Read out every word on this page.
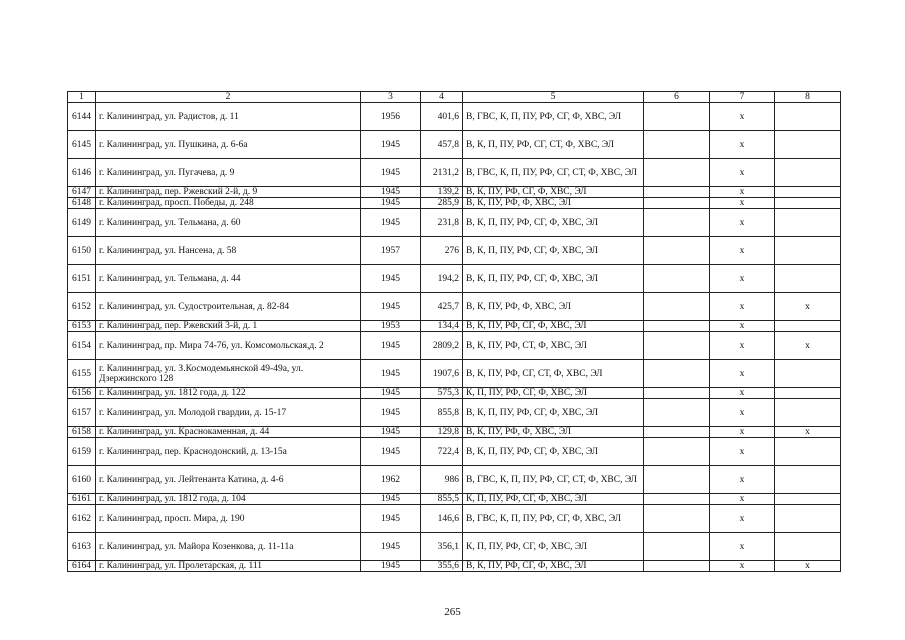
1	2	3	4	5	6	7	8
6144	г. Калининград, ул. Радистов, д. 11	1956	401,6	В, ГВС, К, П, ПУ, РФ, СГ, Ф, ХВС, ЭЛ		х	
6145	г. Калининград, ул. Пушкина, д. 6-6а	1945	457,8	В, К, П, ПУ, РФ, СГ, СТ, Ф, ХВС, ЭЛ		х	
6146	г. Калининград, ул. Пугачева, д. 9	1945	2131,2	В, ГВС, К, П, ПУ, РФ, СГ, СТ, Ф, ХВС, ЭЛ		х	
6147	г. Калининград, пер. Ржевский 2-й, д. 9	1945	139,2	В, К, ПУ, РФ, СГ, Ф, ХВС, ЭЛ		х	
6148	г. Калининград, просп. Победы, д. 248	1945	285,9	В, К, ПУ, РФ, Ф, ХВС, ЭЛ		х	
6149	г. Калининград, ул. Тельмана, д. 60	1945	231,8	В, К, П, ПУ, РФ, СГ, Ф, ХВС, ЭЛ		х	
6150	г. Калининград, ул. Нансена, д. 58	1957	276	В, К, П, ПУ, РФ, СГ, Ф, ХВС, ЭЛ		х	
6151	г. Калининград, ул. Тельмана, д. 44	1945	194,2	В, К, П, ПУ, РФ, СГ, Ф, ХВС, ЭЛ		х	
6152	г. Калининград, ул. Судостроительная, д. 82-84	1945	425,7	В, К, ПУ, РФ, Ф, ХВС, ЭЛ		х	х
6153	г. Калининград, пер. Ржевский 3-й, д. 1	1953	134,4	В, К, ПУ, РФ, СГ, Ф, ХВС, ЭЛ		х	
6154	г. Калининград, пр. Мира 74-76, ул. Комсомольская,д. 2	1945	2809,2	В, К, ПУ, РФ, СТ, Ф, ХВС, ЭЛ		х	х
6155	г. Калининград, ул. З.Космодемьянской 49-49а, ул. Дзержинского 128	1945	1907,6	В, К, ПУ, РФ, СГ, СТ, Ф, ХВС, ЭЛ		х	
6156	г. Калининград, ул. 1812 года, д. 122	1945	575,3	К, П, ПУ, РФ, СГ, Ф, ХВС, ЭЛ		х	
6157	г. Калининград, ул. Молодой гвардии, д. 15-17	1945	855,8	В, К, П, ПУ, РФ, СГ, Ф, ХВС, ЭЛ		х	
6158	г. Калининград, ул. Краснокаменная, д. 44	1945	129,8	В, К, ПУ, РФ, Ф, ХВС, ЭЛ		х	х
6159	г. Калининград, пер. Краснодонский, д. 13-15а	1945	722,4	В, К, П, ПУ, РФ, СГ, Ф, ХВС, ЭЛ		х	
6160	г. Калининград, ул. Лейтенанта Катина, д. 4-6	1962	986	В, ГВС, К, П, ПУ, РФ, СГ, СТ, Ф, ХВС, ЭЛ		х	
6161	г. Калининград, ул. 1812 года, д. 104	1945	855,5	К, П, ПУ, РФ, СГ, Ф, ХВС, ЭЛ		х	
6162	г. Калининград, просп. Мира, д. 190	1945	146,6	В, ГВС, К, П, ПУ, РФ, СГ, Ф, ХВС, ЭЛ		х	
6163	г. Калининград, ул. Майора Козенкова, д. 11-11а	1945	356,1	К, П, ПУ, РФ, СГ, Ф, ХВС, ЭЛ		х	
6164	г. Калининград, ул. Пролетарская, д. 111	1945	355,6	В, К, ПУ, РФ, СГ, Ф, ХВС, ЭЛ		х	х
265
